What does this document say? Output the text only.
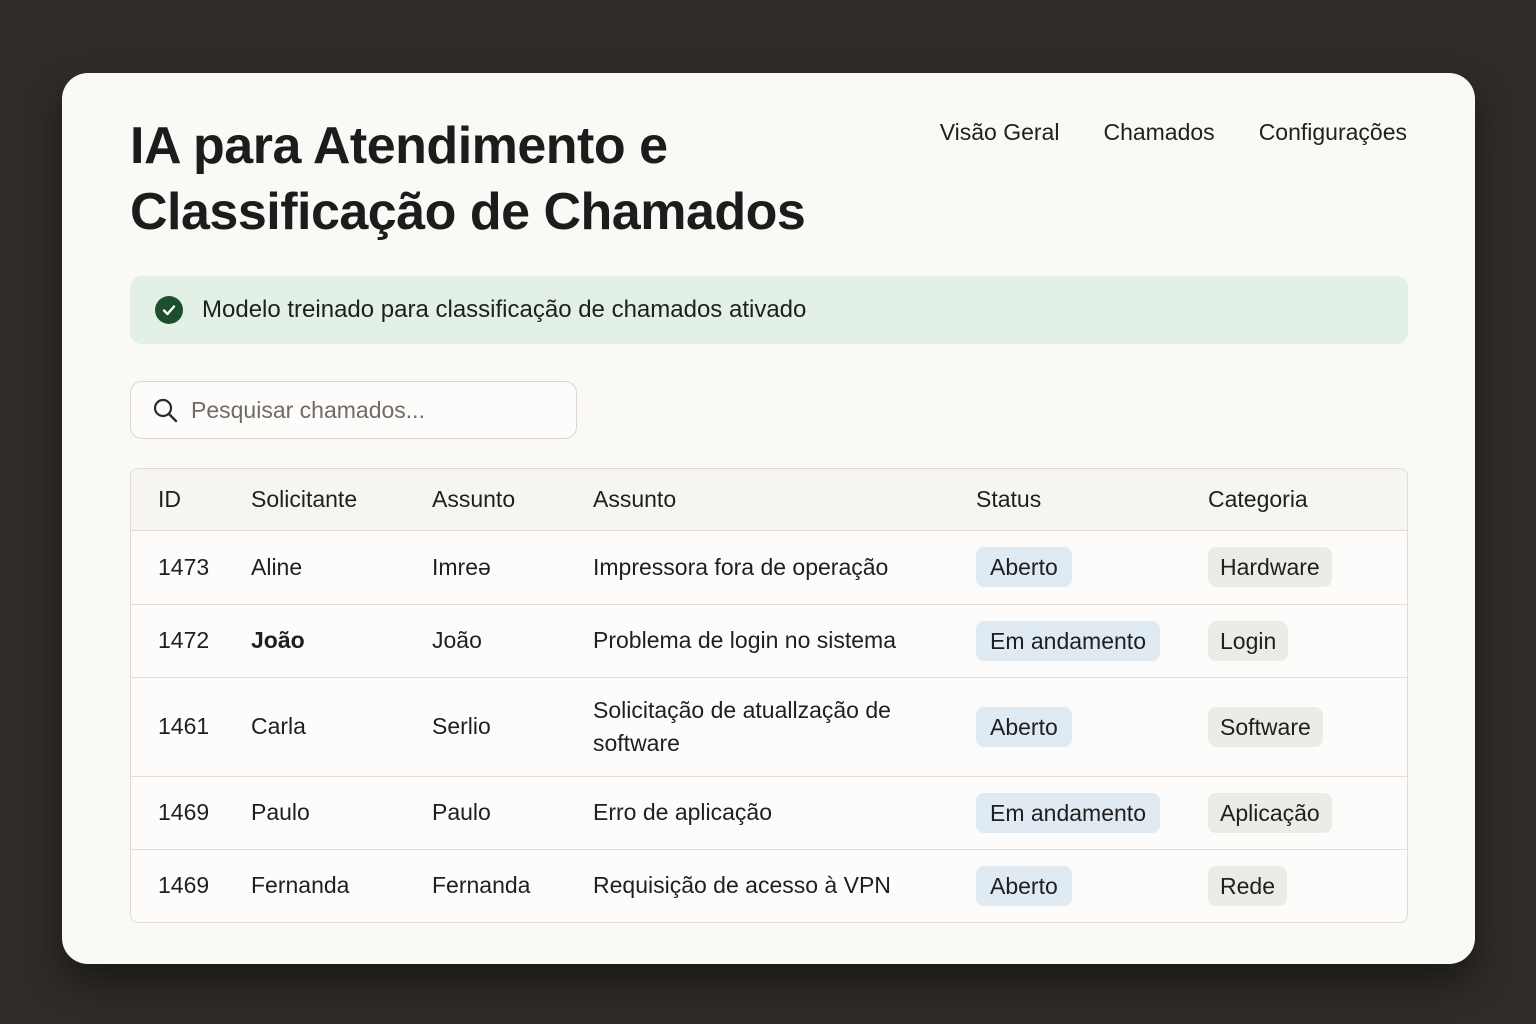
IA para Atendimento e Classificação de Chamados
Visão Geral Chamados Configurações
Modelo treinado para classificação de chamados ativado
Pesquisar chamados...
ID	Solicitante	Assunto	Assunto	Status	Categoria
1473	Aline	Imreə	Impressora fora de operação	Aberto	Hardware
1472	João	João	Problema de login no sistema	Em andamento	Login
1461	Carla	Serlio	Solicitação de atuallzação de software	Aberto	Software
1469	Paulo	Paulo	Erro de aplicação	Em andamento	Aplicação
1469	Fernanda	Fernanda	Requisição de acesso à VPN	Aberto	Rede
